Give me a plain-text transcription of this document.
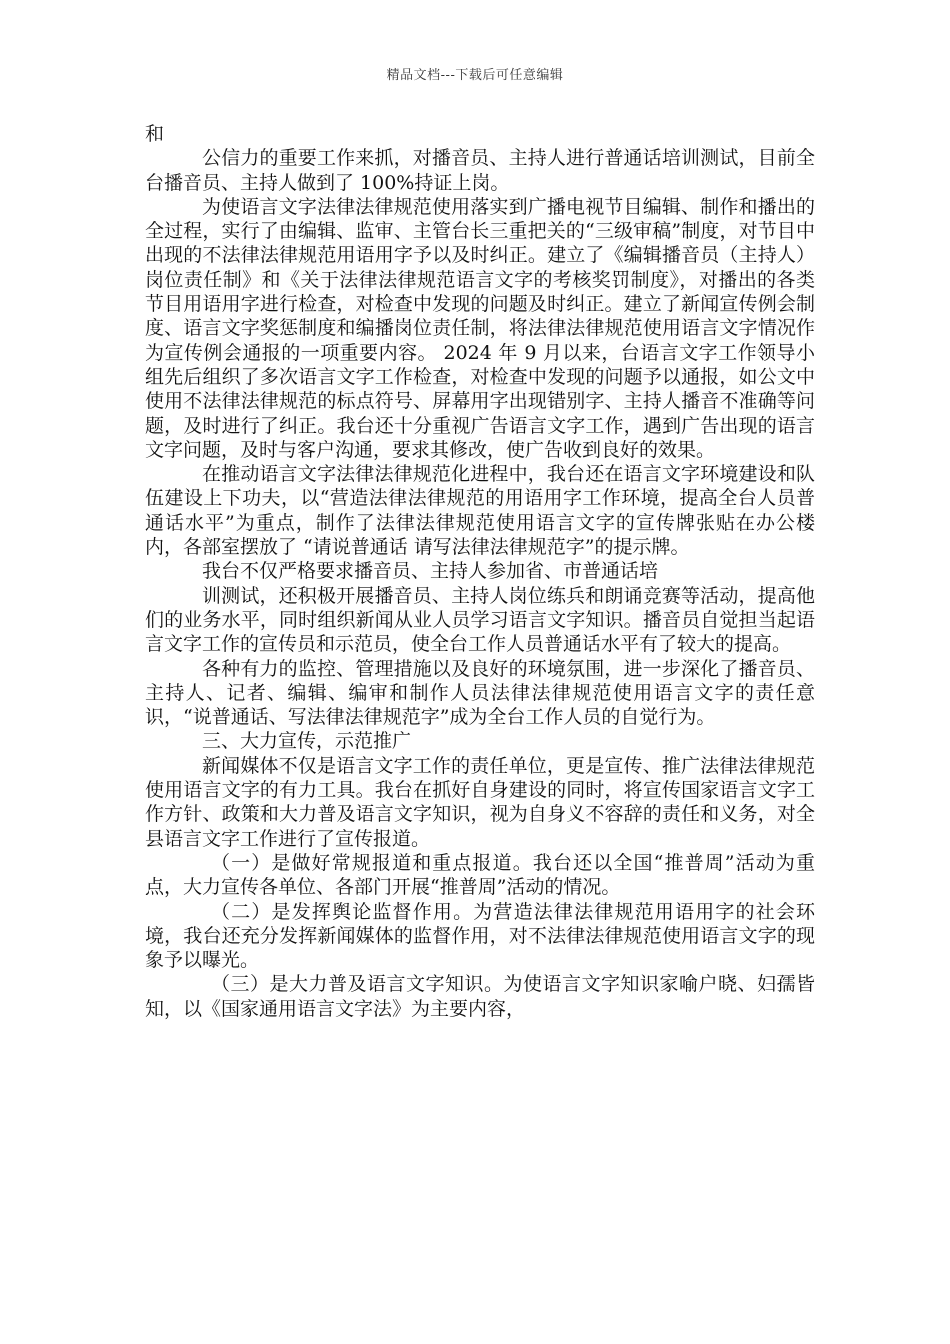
精品文档---下载后可任意编辑

和

公信力的重要工作来抓，对播音员、主持人进行普通话培训测试，目前全台播音员、主持人做到了 100%持证上岗。

为使语言文字法律法律规范使用落实到广播电视节目编辑、制作和播出的全过程，实行了由编辑、监审、主管台长三重把关的“三级审稿”制度，对节目中出现的不法律法律规范用语用字予以及时纠正。建立了《编辑播音员（主持人）岗位责任制》和《关于法律法律规范语言文字的考核奖罚制度》，对播出的各类节目用语用字进行检查，对检查中发现的问题及时纠正。建立了新闻宣传例会制度、语言文字奖惩制度和编播岗位责任制，将法律法律规范使用语言文字情况作为宣传例会通报的一项重要内容。 2024 年 9 月以来，台语言文字工作领导小组先后组织了多次语言文字工作检查，对检查中发现的问题予以通报，如公文中使用不法律法律规范的标点符号、屏幕用字出现错别字、主持人播音不准确等问题，及时进行了纠正。我台还十分重视广告语言文字工作，遇到广告出现的语言文字问题，及时与客户沟通，要求其修改，使广告收到良好的效果。

在推动语言文字法律法律规范化进程中，我台还在语言文字环境建设和队伍建设上下功夫，以“营造法律法律规范的用语用字工作环境，提高全台人员普通话水平”为重点，制作了法律法律规范使用语言文字的宣传牌张贴在办公楼内，各部室摆放了 “请说普通话 请写法律法律规范字”的提示牌。

我台不仅严格要求播音员、主持人参加省、市普通话培

训测试，还积极开展播音员、主持人岗位练兵和朗诵竞赛等活动，提高他们的业务水平，同时组织新闻从业人员学习语言文字知识。播音员自觉担当起语言文字工作的宣传员和示范员，使全台工作人员普通话水平有了较大的提高。

各种有力的监控、管理措施以及良好的环境氛围，进一步深化了播音员、主持人、记者、编辑、编审和制作人员法律法律规范使用语言文字的责任意识，“说普通话、写法律法律规范字”成为全台工作人员的自觉行为。

三、大力宣传，示范推广

新闻媒体不仅是语言文字工作的责任单位，更是宣传、推广法律法律规范使用语言文字的有力工具。我台在抓好自身建设的同时，将宣传国家语言文字工作方针、政策和大力普及语言文字知识，视为自身义不容辞的责任和义务，对全县语言文字工作进行了宣传报道。

（一）是做好常规报道和重点报道。我台还以全国“推普周”活动为重点，大力宣传各单位、各部门开展“推普周”活动的情况。

（二）是发挥舆论监督作用。为营造法律法律规范用语用字的社会环境，我台还充分发挥新闻媒体的监督作用，对不法律法律规范使用语言文字的现象予以曝光。

（三）是大力普及语言文字知识。为使语言文字知识家喻户晓、妇孺皆知，以《国家通用语言文字法》为主要内容，
